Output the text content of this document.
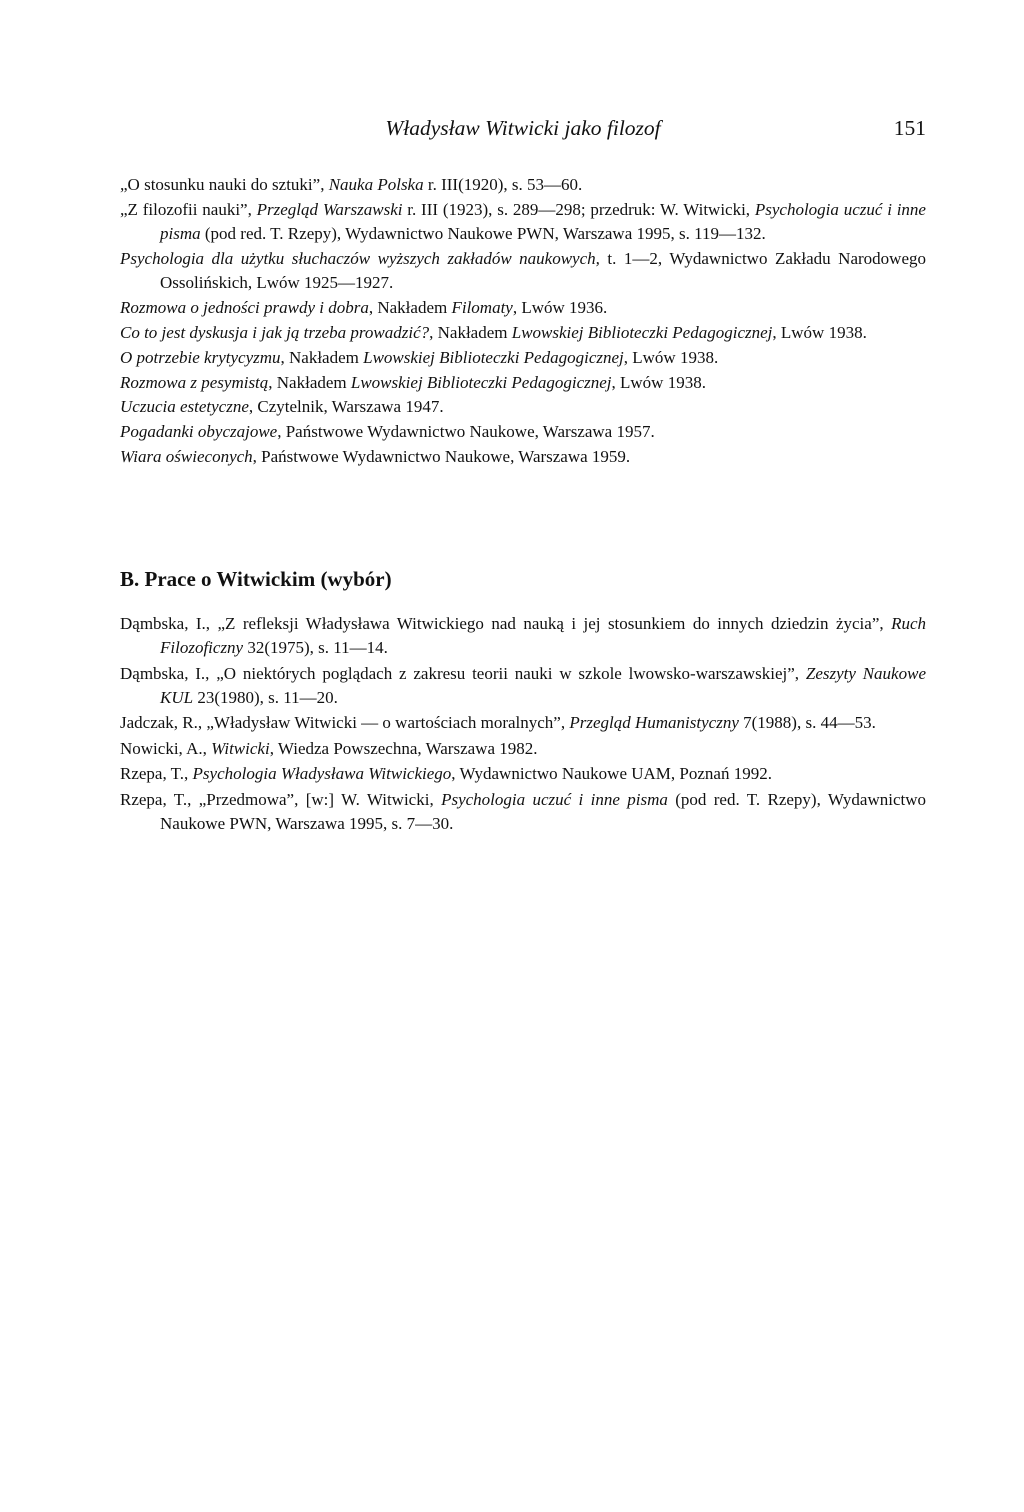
Władysław Witwicki jako filozof	151

„O stosunku nauki do sztuki”, Nauka Polska r. III(1920), s. 53—60.

„Z filozofii nauki”, Przegląd Warszawski r. III (1923), s. 289—298; przedruk: W. Witwicki, Psychologia uczuć i inne pisma (pod red. T. Rzepy), Wydawnictwo Naukowe PWN, Warszawa 1995, s. 119—132.

Psychologia dla użytku słuchaczów wyższych zakładów naukowych, t. 1—2, Wydawnictwo Zakładu Narodowego Ossolińskich, Lwów 1925—1927.

Rozmowa o jedności prawdy i dobra, Nakładem Filomaty, Lwów 1936.

Co to jest dyskusja i jak ją trzeba prowadzić?, Nakładem Lwowskiej Biblioteczki Pedagogicznej, Lwów 1938.

O potrzebie krytycyzmu, Nakładem Lwowskiej Biblioteczki Pedagogicznej, Lwów 1938.

Rozmowa z pesymistą, Nakładem Lwowskiej Biblioteczki Pedagogicznej, Lwów 1938.

Uczucia estetyczne, Czytelnik, Warszawa 1947.

Pogadanki obyczajowe, Państwowe Wydawnictwo Naukowe, Warszawa 1957.

Wiara oświeconych, Państwowe Wydawnictwo Naukowe, Warszawa 1959.

B. Prace o Witwickim (wybór)

Dąmbska, I., „Z refleksji Władysława Witwickiego nad nauką i jej stosunkiem do innych dziedzin życia”, Ruch Filozoficzny 32(1975), s. 11—14.

Dąmbska, I., „O niektórych poglądach z zakresu teorii nauki w szkole lwowsko-warszawskiej”, Zeszyty Naukowe KUL 23(1980), s. 11—20.

Jadczak, R., „Władysław Witwicki — o wartościach moralnych”, Przegląd Humanistyczny 7(1988), s. 44—53.

Nowicki, A., Witwicki, Wiedza Powszechna, Warszawa 1982.

Rzepa, T., Psychologia Władysława Witwickiego, Wydawnictwo Naukowe UAM, Poznań 1992.

Rzepa, T., „Przedmowa”, [w:] W. Witwicki, Psychologia uczuć i inne pisma (pod red. T. Rzepy), Wydawnictwo Naukowe PWN, Warszawa 1995, s. 7—30.
